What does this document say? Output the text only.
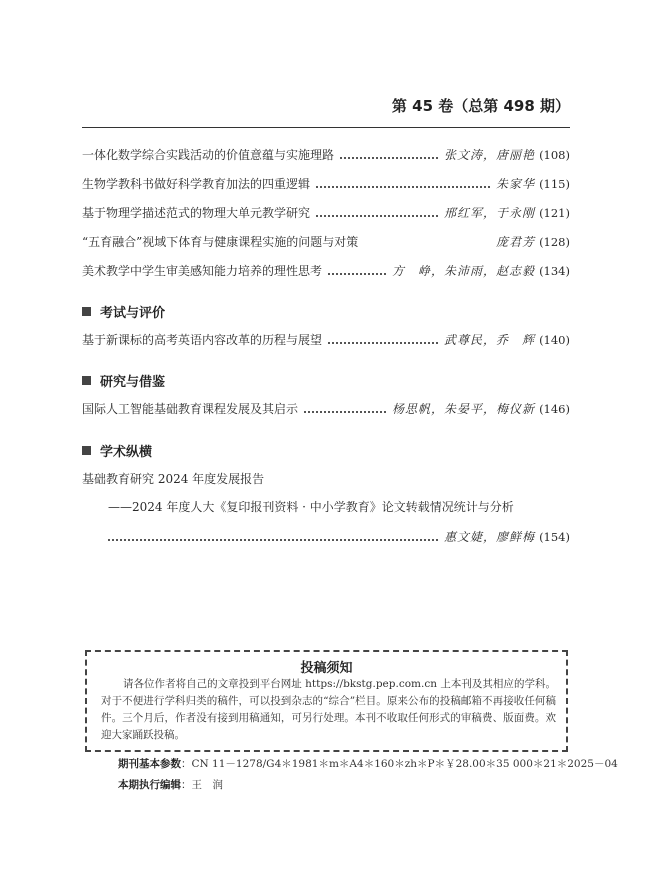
第 45 卷（总第 498 期）
一体化数学综合实践活动的价值意蕴与实施理路	张文涛，唐丽艳 (108)
生物学教科书做好科学教育加法的四重逻辑	朱家华 (115)
基于物理学描述范式的物理大单元教学研究	邢红军，于永刚 (121)
“五育融合”视域下体育与健康课程实施的问题与对策	庞君芳 (128)
美术教学中学生审美感知能力培养的理性思考	方　峥，朱沛雨，赵志毅 (134)
考试与评价
基于新课标的高考英语内容改革的历程与展望	武尊民，乔　辉 (140)
研究与借鉴
国际人工智能基础教育课程发展及其启示	杨思帆，朱晏平，梅仪新 (146)
学术纵横
基础教育研究 2024 年度发展报告
——2024 年度人大《复印报刊资料 · 中小学教育》论文转载情况统计与分析
惠文婕，廖鲜梅 (154)
投稿须知
请各位作者将自己的文章投到平台网址 https://bkstg.pep.com.cn 上本刊及其相应的学科。对于不便进行学科归类的稿件，可以投到杂志的“综合”栏目。原来公布的投稿邮箱不再接收任何稿件。三个月后，作者没有接到用稿通知，可另行处理。本刊不收取任何形式的审稿费、版面费。欢迎大家踊跃投稿。
期刊基本参数：CN 11－1278/G4＊1981＊m＊A4＊160＊zh＊P＊￥28.00＊35 000＊21＊2025－04
本期执行编辑：王　润
